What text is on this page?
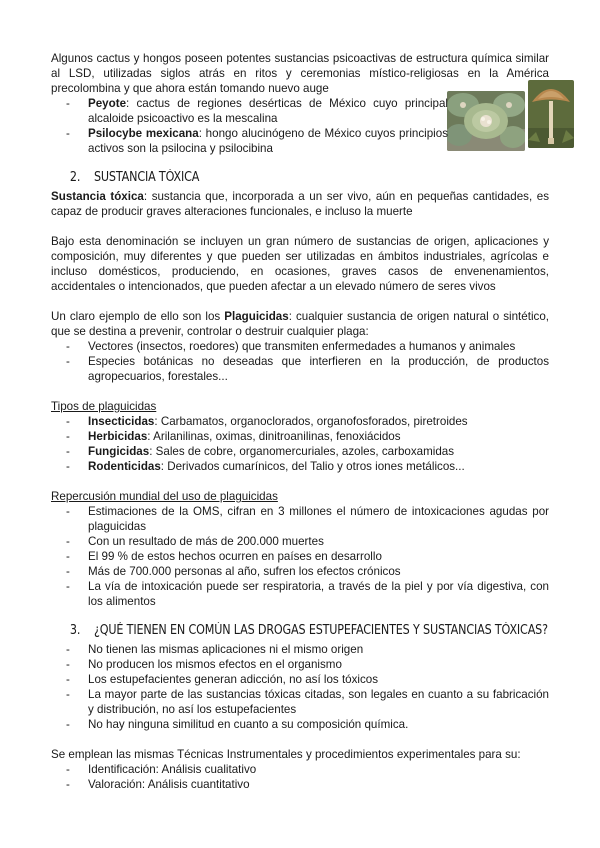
Algunos cactus y hongos poseen potentes sustancias psicoactivas de estructura química similar al LSD, utilizadas siglos atrás en ritos y ceremonias místico-religiosas en la América precolombina y que ahora están tomando nuevo auge

- Peyote: cactus de regiones desérticas de México cuyo principal alcaloide psicoactivo es la mescalina
- Psilocybe mexicana: hongo alucinógeno de México cuyos principios activos son la psilocina y psilocibina
2. SUSTANCIA TÓXICA

Sustancia tóxica: sustancia que, incorporada a un ser vivo, aún en pequeñas cantidades, es capaz de producir graves alteraciones funcionales, e incluso la muerte

Bajo esta denominación se incluyen un gran número de sustancias de origen, aplicaciones y composición, muy diferentes y que pueden ser utilizadas en ámbitos industriales, agrícolas e incluso domésticos, produciendo, en ocasiones, graves casos de envenenamientos, accidentales o intencionados, que pueden afectar a un elevado número de seres vivos

Un claro ejemplo de ello son los Plaguicidas: cualquier sustancia de origen natural o sintético, que se destina a prevenir, controlar o destruir cualquier plaga:

- Vectores (insectos, roedores) que transmiten enfermedades a humanos y animales
- Especies botánicas no deseadas que interfieren en la producción, de productos agropecuarios, forestales...

Tipos de plaguicidas

- Insecticidas: Carbamatos, organoclorados, organofosforados, piretroides
- Herbicidas: Arilanilinas, oximas, dinitroanilinas, fenoxiácidos
- Fungicidas: Sales de cobre, organomercuriales, azoles, carboxamidas
- Rodenticidas: Derivados cumarínicos, del Talio y otros iones metálicos...

Repercusión mundial del uso de plaguicidas

- Estimaciones de la OMS, cifran en 3 millones el número de intoxicaciones agudas por plaguicidas
- Con un resultado de más de 200.000 muertes
- El 99 % de estos hechos ocurren en países en desarrollo
- Más de 700.000 personas al año, sufren los efectos crónicos
- La vía de intoxicación puede ser respiratoria, a través de la piel y por vía digestiva, con los alimentos
3. ¿QUÉ TIENEN EN COMÚN LAS DROGAS ESTUPEFACIENTES Y SUSTANCIAS TÓXICAS?
- No tienen las mismas aplicaciones ni el mismo origen
- No producen los mismos efectos en el organismo
- Los estupefacientes generan adicción, no así los tóxicos
- La mayor parte de las sustancias tóxicas citadas, son legales en cuanto a su fabricación y distribución, no así los estupefacientes
- No hay ninguna similitud en cuanto a su composición química.

Se emplean las mismas Técnicas Instrumentales y procedimientos experimentales para su:

- Identificación: Análisis cualitativo
- Valoración: Análisis cuantitativo
